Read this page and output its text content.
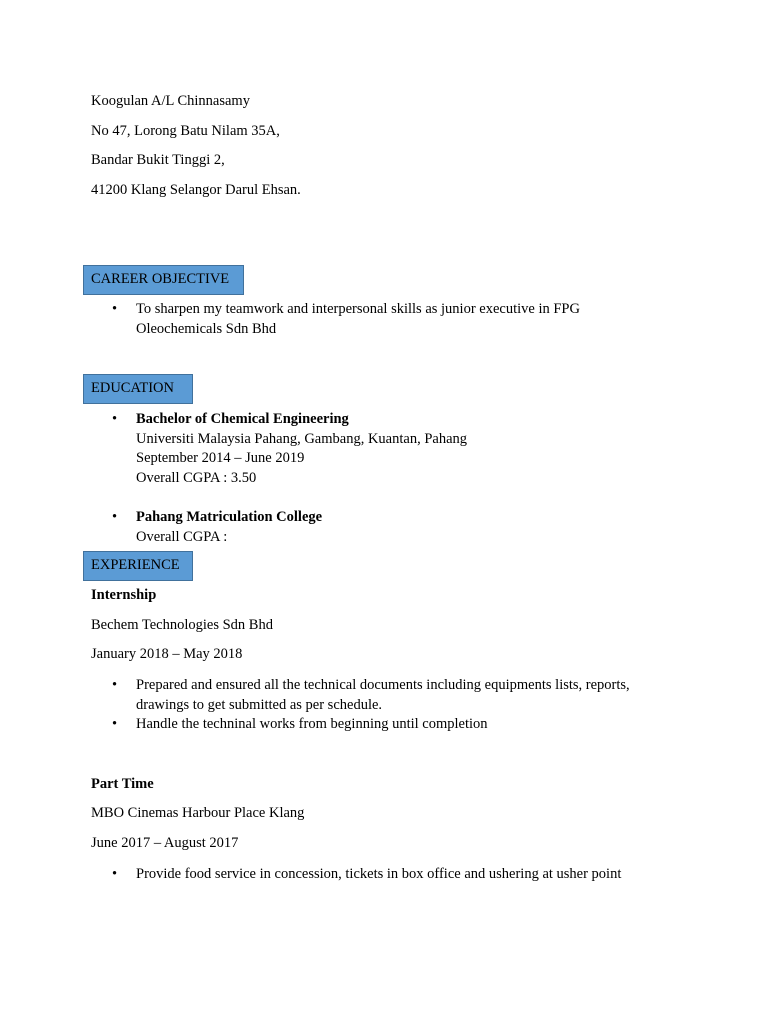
Koogulan A/L Chinnasamy
No 47, Lorong Batu Nilam 35A,
Bandar Bukit Tinggi 2,
41200 Klang Selangor Darul Ehsan.
CAREER OBJECTIVE
• To sharpen my teamwork and interpersonal skills as junior executive in FPG Oleochemicals Sdn Bhd
EDUCATION
• Bachelor of Chemical Engineering
Universiti Malaysia Pahang, Gambang, Kuantan, Pahang
September 2014 – June 2019
Overall CGPA : 3.50
• Pahang Matriculation College
Overall CGPA :
EXPERIENCE
Internship
Bechem Technologies Sdn Bhd
January 2018 – May 2018
• Prepared and ensured all the technical documents including equipments lists, reports, drawings to get submitted as per schedule.
• Handle the techninal works from beginning until completion
Part Time
MBO Cinemas Harbour Place Klang
June 2017 – August 2017
• Provide food service in concession, tickets in box office and ushering at usher point
